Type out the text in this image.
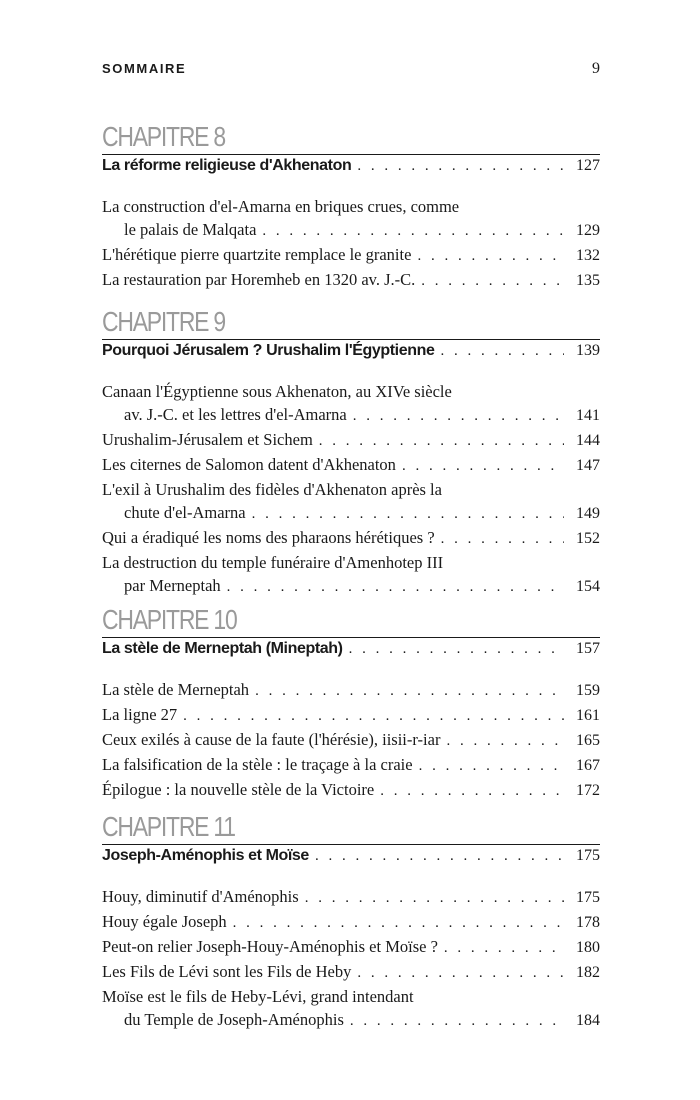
SOMMAIRE	9
CHAPITRE 8
La réforme religieuse d'Akhenaton . . .	127
La construction d'el-Amarna en briques crues, comme
le palais de Malqata . . .	129
L'hérétique pierre quartzite remplace le granite . . .	132
La restauration par Horemheb en 1320 av. J.-C. . . .	135
CHAPITRE 9
Pourquoi Jérusalem ? Urushalim l'Égyptienne . . .	139
Canaan l'Égyptienne sous Akhenaton, au XIVe siècle
av. J.-C. et les lettres d'el-Amarna . . .	141
Urushalim-Jérusalem et Sichem . . .	144
Les citernes de Salomon datent d'Akhenaton . . .	147
L'exil à Urushalim des fidèles d'Akhenaton après la
chute d'el-Amarna . . .	149
Qui a éradiqué les noms des pharaons hérétiques ? . . .	152
La destruction du temple funéraire d'Amenhotep III
par Merneptah . . .	154
CHAPITRE 10
La stèle de Merneptah (Mineptah) . . .	157
La stèle de Merneptah . . .	159
La ligne 27 . . .	161
Ceux exilés à cause de la faute (l'hérésie), iisii-r-iar . . .	165
La falsification de la stèle : le traçage à la craie . . .	167
Épilogue : la nouvelle stèle de la Victoire . . .	172
CHAPITRE 11
Joseph-Aménophis et Moïse . . .	175
Houy, diminutif d'Aménophis . . .	175
Houy égale Joseph . . .	178
Peut-on relier Joseph-Houy-Aménophis et Moïse ? . . .	180
Les Fils de Lévi sont les Fils de Heby . . .	182
Moïse est le fils de Heby-Lévi, grand intendant
du Temple de Joseph-Aménophis . . .	184
